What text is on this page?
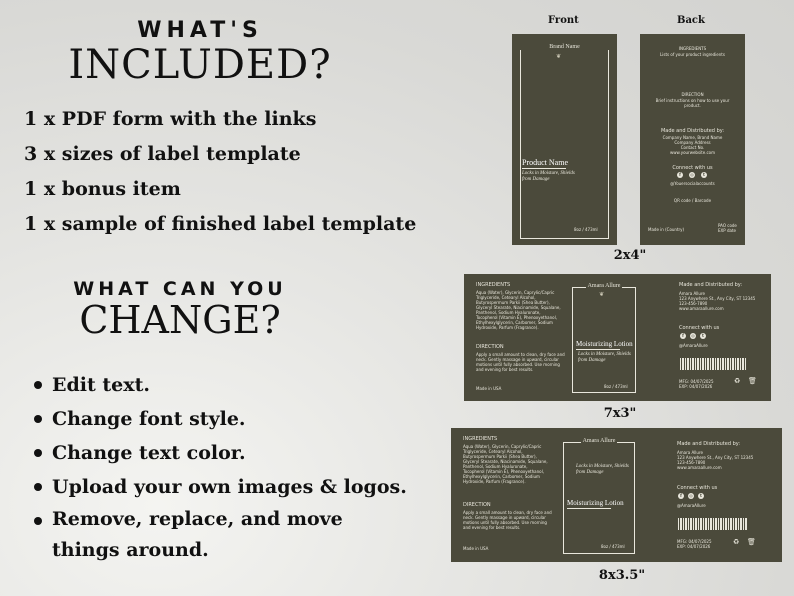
WHAT'S
INCLUDED?
1 x PDF form with the links
3 x sizes of label template
1 x bonus item
1 x sample of finished label template
WHAT CAN YOU
CHANGE?
Edit text.
Change font style.
Change text color.
Upload your own images & logos.
Remove, replace, and move things around.
Front	Back
Brand Name
❦
Product Name
Locks in Moisture, Shields
from Damage
8oz / 473ml
INGREDIENTS
Lists of your product ingredients
DIRECTION
Brief instructions on how to use your
product.
Made and Distributed by:
Company Name, Brand Name
Company Address
Contact No.
www.yourwebsite.com
Connect with us
f	◎	t
@Youersocialaccounts
QR code / Barcode
Made in (Country)
PAO code
EXP date
2x4"
INGREDIENTS
Aqua (Water), Glycerin, Caprylic/Capric
Triglyceride, Cetearyl Alcohol,
Butyrospermum Parkii (Shea Butter),
Glyceryl Stearate, Niacinamide, Squalane,
Panthenol, Sodium Hyaluronate,
Tocopherol (Vitamin E), Phenoxyethanol,
Ethylhexylglycerin, Carbomer, Sodium
Hydroxide, Parfum (Fragrance).
DIRECTION
Apply a small amount to clean, dry face and
neck. Gently massage in upward, circular
motions until fully absorbed. Use morning
and evening for best results.
Made in USA
Amara Allure
❦
Moisturizing Lotion
Locks in Moisture, Shields
from Damage
8oz / 473ml
Made and Distributed by:
Amara Allure
123 Anywhere St., Any City, ST 12345
123-456-7890
www.amaraallure.com
Connect with us
f	◎	t
@AmaraAllure
MFG: 04/07/2025
EXP: 04/07/2026
♻ 🗑
7x3"
INGREDIENTS
Aqua (Water), Glycerin, Caprylic/Capric
Triglyceride, Cetearyl Alcohol,
Butyrospermum Parkii (Shea Butter),
Glyceryl Stearate, Niacinamide, Squalane,
Panthenol, Sodium Hyaluronate,
Tocopherol (Vitamin E), Phenoxyethanol,
Ethylhexylglycerin, Carbomer, Sodium
Hydroxide, Parfum (Fragrance).
DIRECTION
Apply a small amount to clean, dry face and
neck. Gently massage in upward, circular
motions until fully absorbed. Use morning
and evening for best results.
Made in USA
Amara Allure
Moisturizing Lotion
Locks in Moisture, Shields
from Damage
8oz / 473ml
Made and Distributed by:
Amara Allure
123 Anywhere St., Any City, ST 12345
123-456-7890
www.amaraallure.com
Connect with us
f	◎	t
@AmaraAllure
MFG: 04/07/2025
EXP: 04/07/2026
♻ 🗑
8x3.5"
